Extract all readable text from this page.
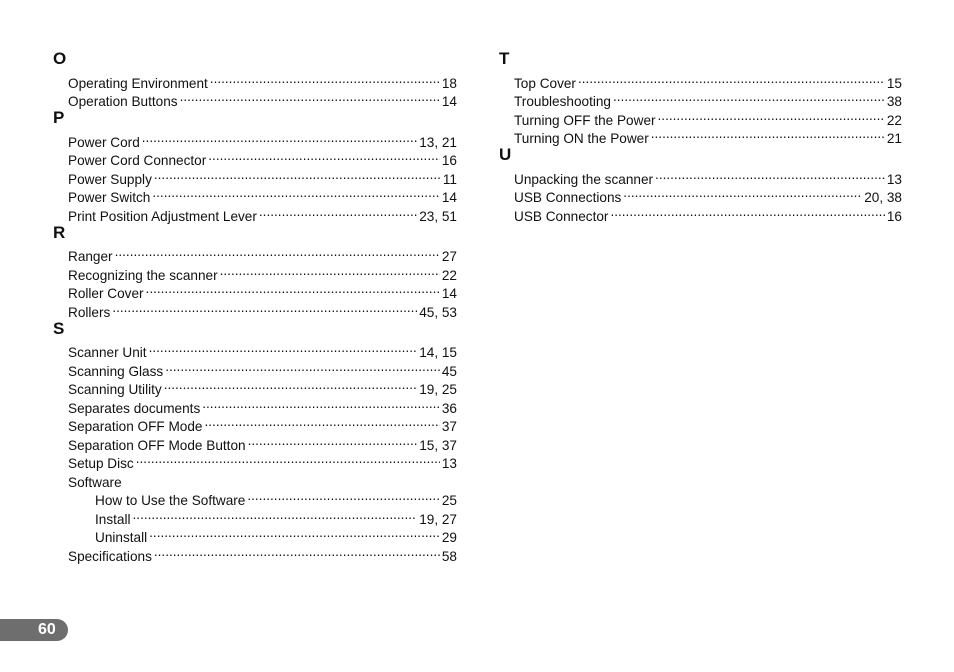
O
Operating Environment .....	18
Operation Buttons .....	14
P
Power Cord .....	13, 21
Power Cord Connector .....	16
Power Supply .....	11
Power Switch .....	14
Print Position Adjustment Lever .....	23, 51
R
Ranger .....	27
Recognizing the scanner .....	22
Roller Cover .....	14
Rollers .....	45, 53
S
Scanner Unit .....	14, 15
Scanning Glass .....	45
Scanning Utility .....	19, 25
Separates documents .....	36
Separation OFF Mode .....	37
Separation OFF Mode Button .....	15, 37
Setup Disc .....	13
Software
How to Use the Software .....	25
Install .....	19, 27
Uninstall .....	29
Specifications .....	58
T
Top Cover .....	15
Troubleshooting .....	38
Turning OFF the Power .....	22
Turning ON the Power .....	21
U
Unpacking the scanner .....	13
USB Connections .....	20, 38
USB Connector .....	16
60
